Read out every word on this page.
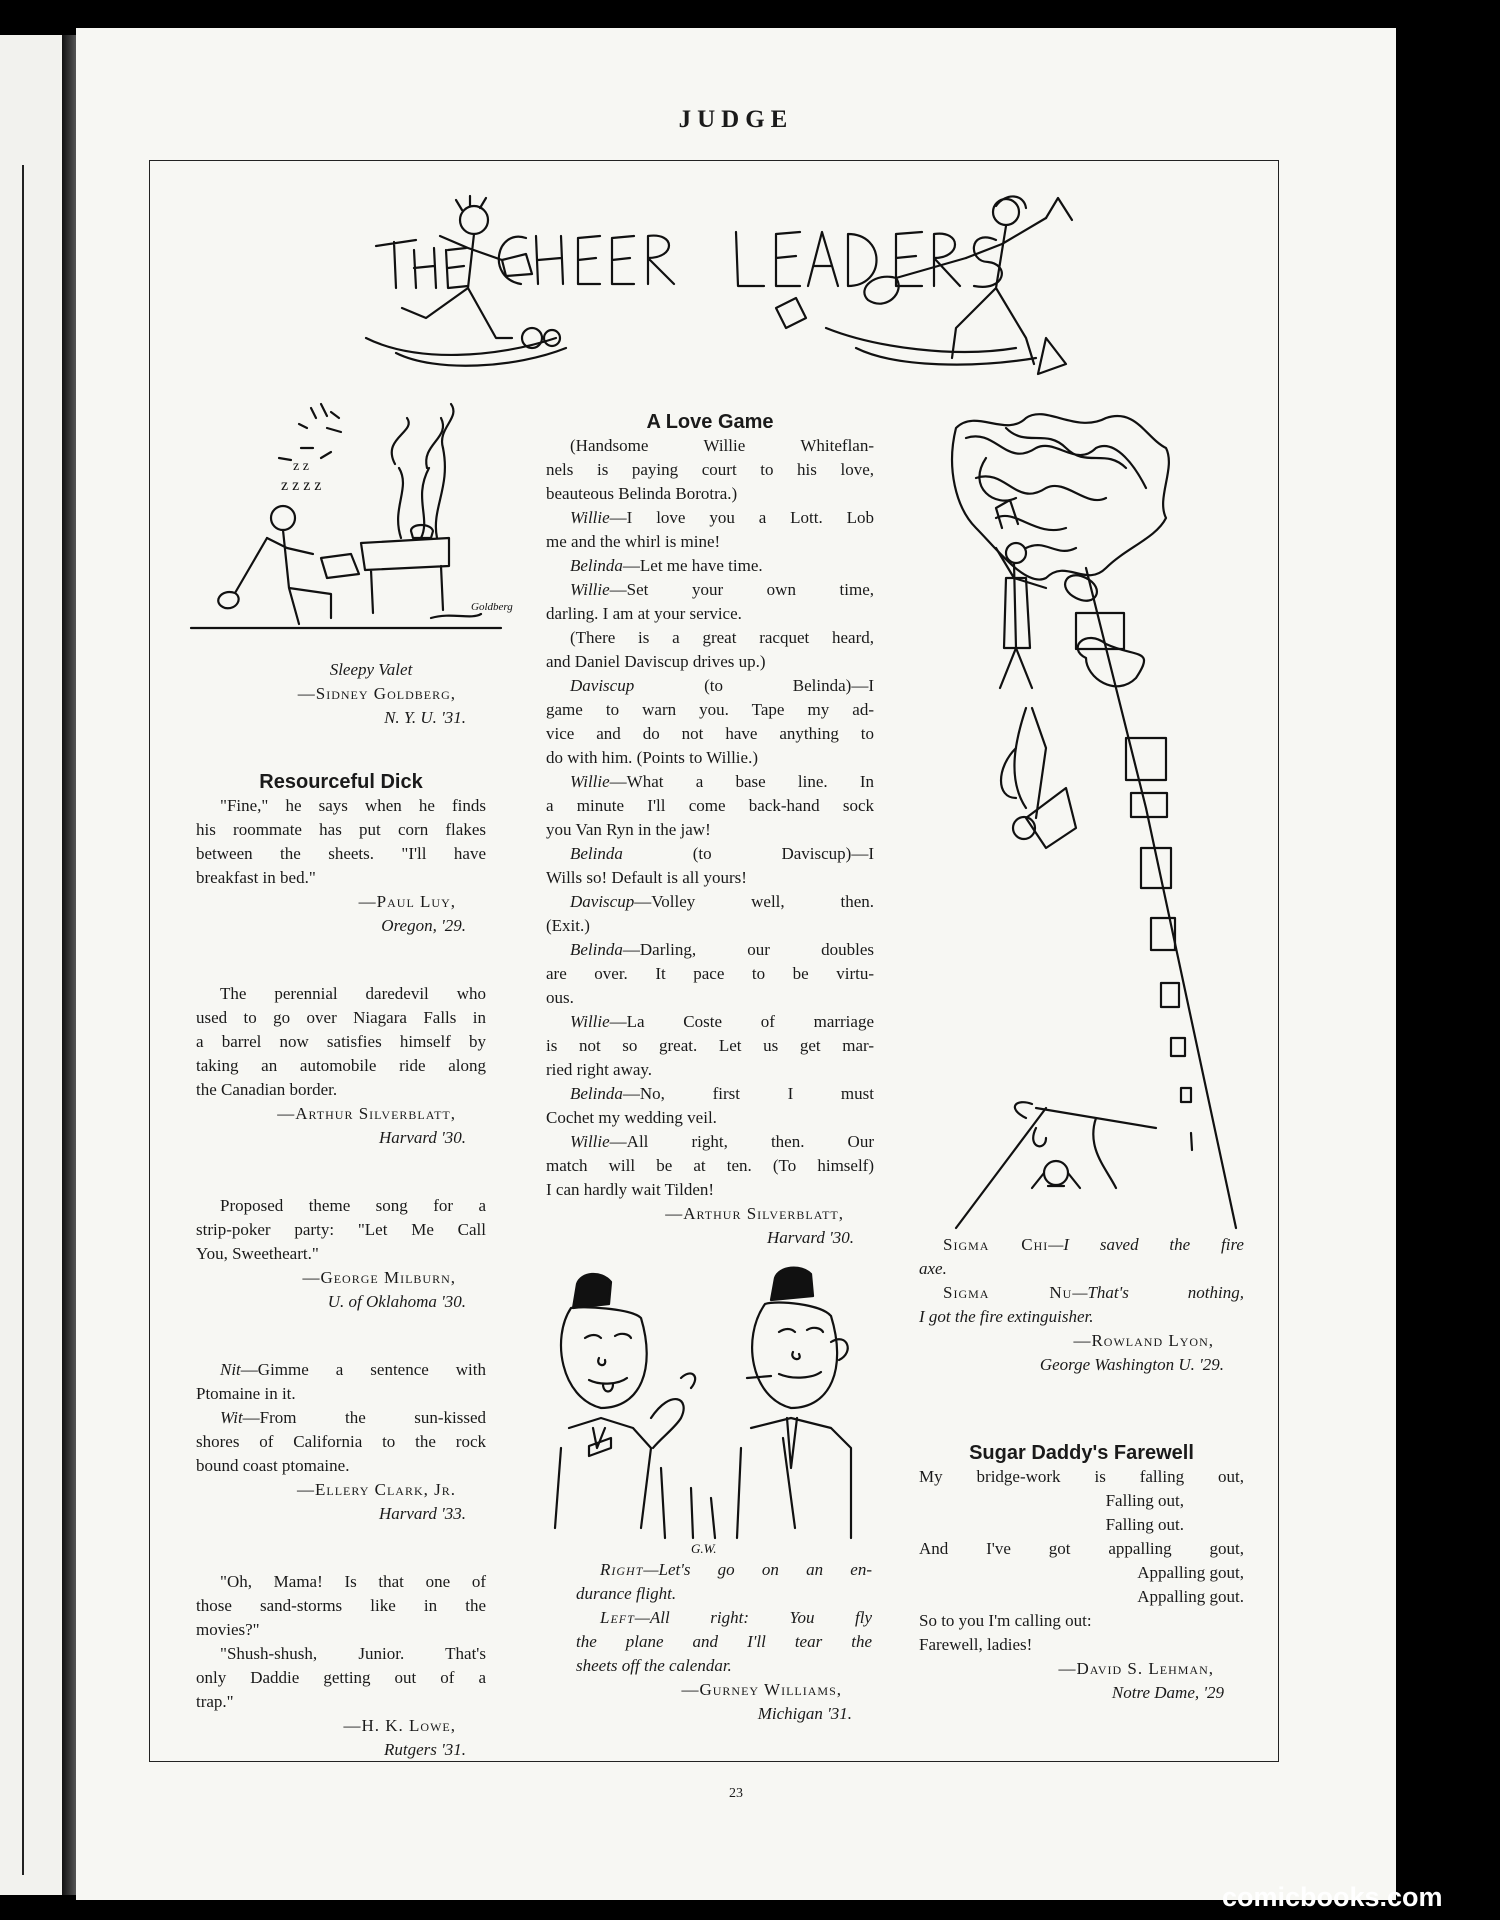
JUDGE
z z z z
z z
Goldberg

Sleepy Valet

—Sidney Goldberg,

N. Y. U. '31.

Resourceful Dick

"Fine," he says when he finds

his roommate has put corn flakes

between the sheets. "I'll have

breakfast in bed."

—Paul Luy,

Oregon, '29.

The perennial daredevil who

used to go over Niagara Falls in

a barrel now satisfies himself by

taking an automobile ride along

the Canadian border.

—Arthur Silverblatt,

Harvard '30.

Proposed theme song for a

strip-poker party: "Let Me Call

You, Sweetheart."

—George Milburn,

U. of Oklahoma '30.

Nit—Gimme a sentence with

Ptomaine in it.

Wit—From the sun-kissed

shores of California to the rock

bound coast ptomaine.

—Ellery Clark, Jr.

Harvard '33.

"Oh, Mama! Is that one of

those sand-storms like in the

movies?"

"Shush-shush, Junior. That's

only Daddie getting out of a

trap."

—H. K. Lowe,

Rutgers '31.

A Love Game

(Handsome Willie Whiteflan-

nels is paying court to his love,

beauteous Belinda Borotra.)

Willie—I love you a Lott. Lob

me and the whirl is mine!

Belinda—Let me have time.

Willie—Set your own time,

darling. I am at your service.

(There is a great racquet heard,

and Daniel Daviscup drives up.)

Daviscup (to Belinda)—I

game to warn you. Tape my ad-

vice and do not have anything to

do with him. (Points to Willie.)

Willie—What a base line. In

a minute I'll come back-hand sock

you Van Ryn in the jaw!

Belinda (to Daviscup)—I

Wills so! Default is all yours!

Daviscup—Volley well, then.

(Exit.)

Belinda—Darling, our doubles

are over. It pace to be virtu-

ous.

Willie—La Coste of marriage

is not so great. Let us get mar-

ried right away.

Belinda—No, first I must

Cochet my wedding veil.

Willie—All right, then. Our

match will be at ten. (To himself)

I can hardly wait Tilden!

—Arthur Silverblatt,

Harvard '30.

G.W.

Right—Let's go on an en-

durance flight.

Left—All right: You fly

the plane and I'll tear the

sheets off the calendar.

—Gurney Williams,

Michigan '31.

Sigma Chi—I saved the fire

axe.

Sigma Nu—That's nothing,

I got the fire extinguisher.

—Rowland Lyon,

George Washington U. '29.

Sugar Daddy's Farewell

My bridge-work is falling out,

Falling out,

Falling out.

And I've got appalling gout,

Appalling gout,

Appalling gout.

So to you I'm calling out:

Farewell, ladies!

—David S. Lehman,

Notre Dame, '29

23
comicbooks.com
